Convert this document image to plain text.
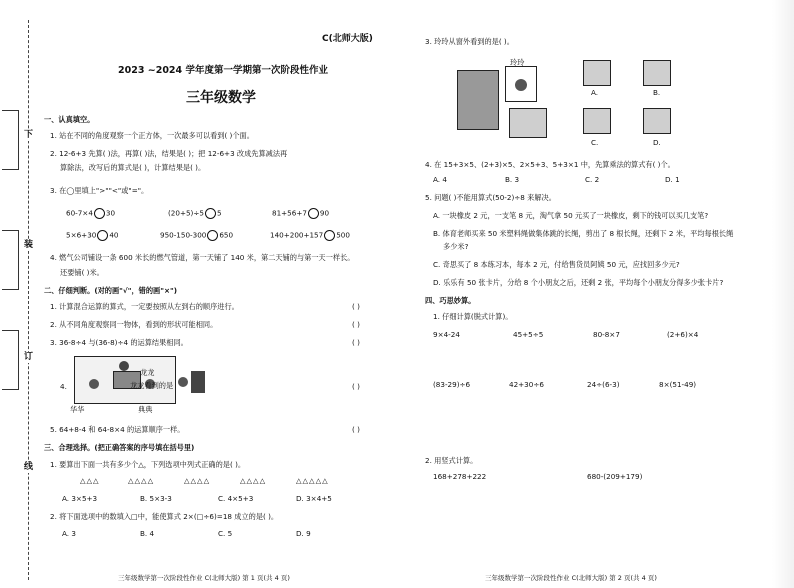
下
装
订
线
C(北师大版)
2023 ~2024 学年度第一学期第一次阶段性作业
三年级数学
一、认真填空。
1. 站在不同的角度观察一个正方体，一次最多可以看到( )个面。
2. 12-6+3 先算( )法，再算( )法，结果是( )；把 12-6+3 改成先算减法再
算除法，改写后的算式是( )，计算结果是( )。
3. 在◯里填上">""<"或"="。
60-7×4 30	(20+5)÷5 5	81+56+7 90
5×6+30 40	950-150-300 650	140+200+157 500
4. 燃气公司铺设一条 600 米长的燃气管道，第一天铺了 140 米，第二天铺的与第一天一样长。
还要铺( )米。
二、仔细判断。(对的画"√"，错的画"×")
1. 计算混合运算的算式，一定要按照从左到右的顺序进行。	( )
2. 从不同角度观察同一物体，看到的形状可能相同。	( )
3. 36-8÷4 与(36-8)÷4 的运算结果相同。	( )
4.
龙龙
华华	典典
龙龙看到的是	( )
5. 64+8-4 和 64-8×4 的运算顺序一样。	( )
三、合理选择。(把正确答案的序号填在括号里)
1. 要算出下面一共有多少个△，下列选项中列式正确的是( )。
△△△	△△△△	△△△△	△△△△	△△△△△
A. 3×5+3	B. 5×3-3	C. 4×5+3	D. 3×4+5
2. 将下面选项中的数填入□中，能使算式 2×(□÷6)=18 成立的是( )。
A. 3	B. 4	C. 5	D. 9
三年级数学第一次阶段性作业 C(北师大版) 第 1 页(共 4 页)
3. 玲玲从窗外看到的是( )。
玲玲
A.	B.
C.	D.
4. 在 15+3×5、(2+3)×5、2×5+3、5+3×1 中，先算乘法的算式有( )个。
A. 4	B. 3	C. 2	D. 1
5. 问题( )不能用算式(50-2)÷8 来解决。
A. 一块橡皮 2 元，一支笔 8 元，淘气拿 50 元买了一块橡皮，剩下的钱可以买几支笔?
B. 体育老师买来 50 米塑料绳做集体跳的长绳，剪出了 8 根长绳，还剩下 2 米，平均每根长绳
多少米?
C. 奇思买了 8 本练习本，每本 2 元，付给售货员阿姨 50 元，应找回多少元?
D. 乐乐有 50 张卡片，分给 8 个小朋友之后，还剩 2 张，平均每个小朋友分得多少张卡片?
四、巧思妙算。
1. 仔细计算(脱式计算)。
9×4-24	45+5÷5	80-8×7	(2+6)×4
(83-29)÷6	42+30÷6	24÷(6-3)	8×(51-49)
2. 用竖式计算。
168+278+222	680-(209+179)
三年级数学第一次阶段性作业 C(北师大版) 第 2 页(共 4 页)
